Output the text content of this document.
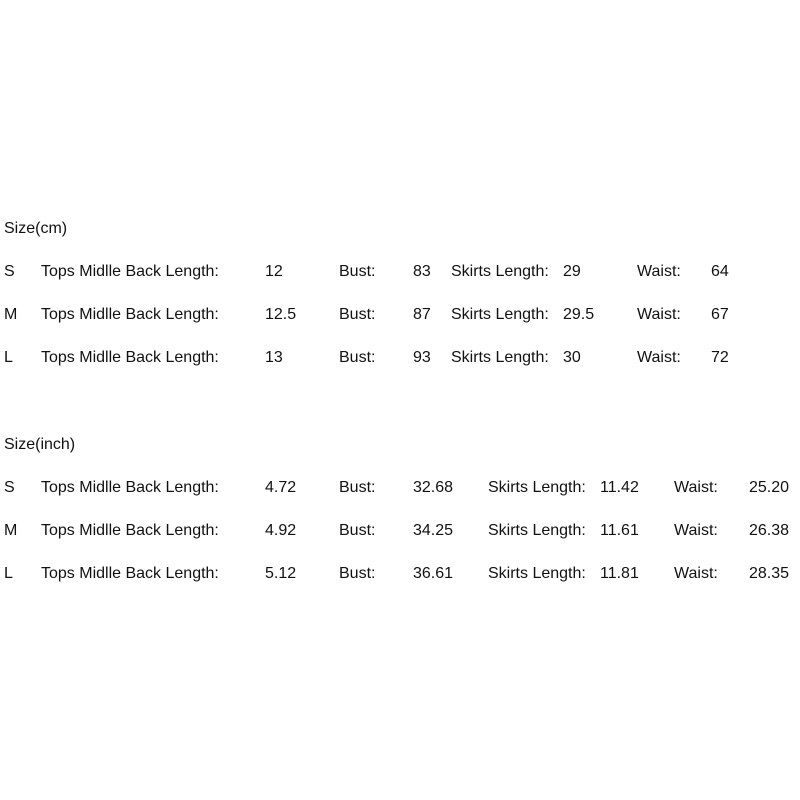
Size(cm)
S Tops Midlle Back Length:	12	Bust: 83 Skirts Length: 29	Waist: 64
M Tops Midlle Back Length:	12.5	Bust: 87 Skirts Length: 29.5	Waist: 67
L Tops Midlle Back Length:	13	Bust: 93 Skirts Length: 30	Waist: 72
Size(inch)
S Tops Midlle Back Length:	4.72	Bust: 32.68 Skirts Length: 11.42 Waist: 25.20
M Tops Midlle Back Length:	4.92	Bust: 34.25 Skirts Length: 11.61 Waist: 26.38
L Tops Midlle Back Length:	5.12	Bust: 36.61 Skirts Length: 11.81 Waist: 28.35
